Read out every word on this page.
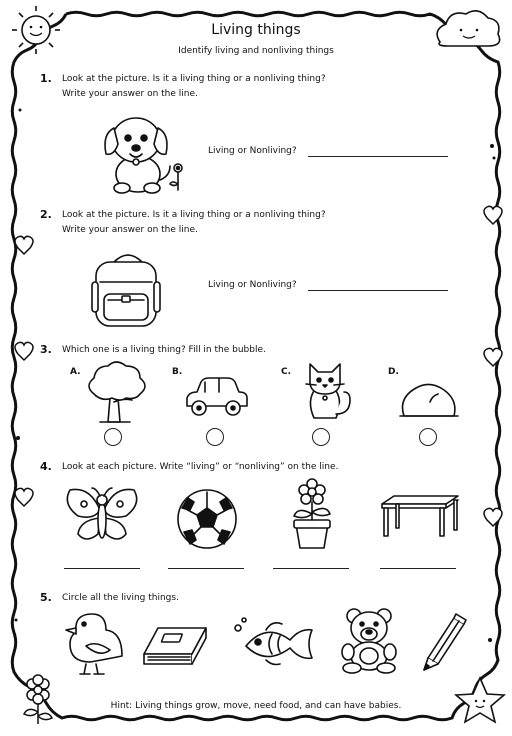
Living things
Identify living and nonliving things
1. Look at the picture. Is it a living thing or a nonliving thing?
Write your answer on the line.
Living or Nonliving?
2. Look at the picture. Is it a living thing or a nonliving thing?
Write your answer on the line.
Living or Nonliving?
3. Which one is a living thing? Fill in the bubble.
A.	B.	C.	D.
4. Look at each picture. Write “living” or “nonliving” on the line.
5. Circle all the living things.
Hint: Living things grow, move, need food, and can have babies.
